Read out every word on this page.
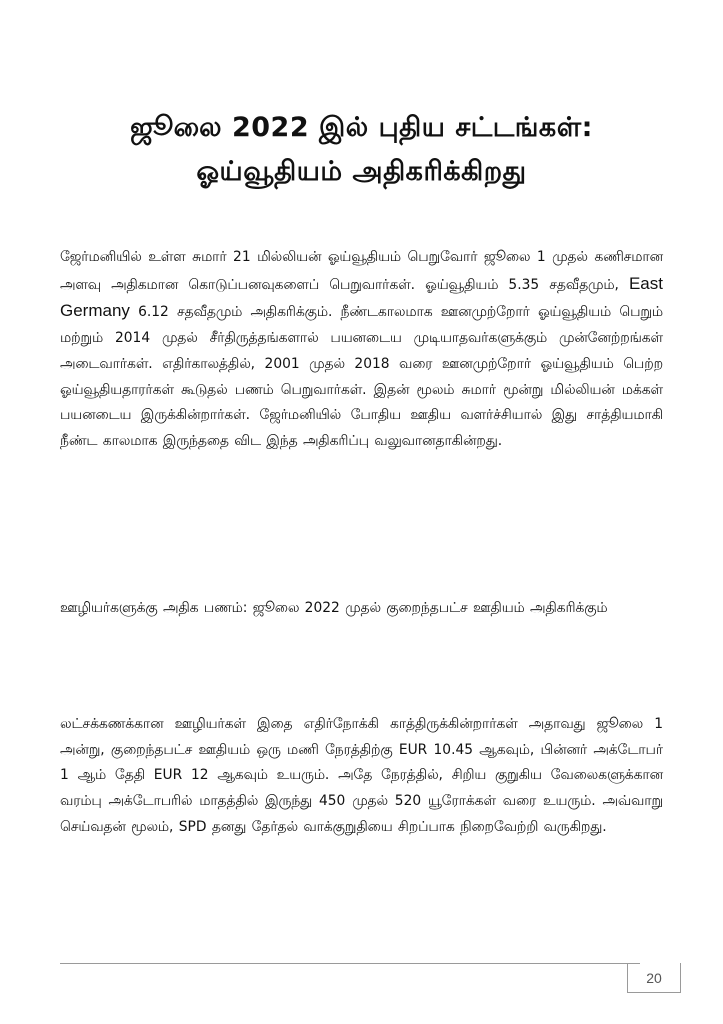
ஜூலை 2022 இல் புதிய சட்டங்கள்:
ஓய்வூதியம் அதிகரிக்கிறது
ஜேர்மனியில் உள்ள சுமார் 21 மில்லியன் ஓய்வூதியம் பெறுவோர் ஜூலை 1 முதல் கணிசமான அளவு அதிகமான கொடுப்பனவுகளைப் பெறுவார்கள். ஓய்வூதியம் 5.35 சதவீதமும், East Germany 6.12 சதவீதமும் அதிகரிக்கும். நீண்டகாலமாக ஊனமுற்றோர் ஓய்வூதியம் பெறும் மற்றும் 2014 முதல் சீர்திருத்தங்களால் பயனடைய முடியாதவர்களுக்கும் முன்னேற்றங்கள் அடைவார்கள். எதிர்காலத்தில், 2001 முதல் 2018 வரை ஊனமுற்றோர் ஓய்வூதியம் பெற்ற ஓய்வூதியதாரர்கள் கூடுதல் பணம் பெறுவார்கள். இதன் மூலம் சுமார் மூன்று மில்லியன் மக்கள் பயனடைய இருக்கின்றார்கள். ஜேர்மனியில் போதிய ஊதிய வளர்ச்சியால் இது சாத்தியமாகி நீண்ட காலமாக இருந்ததை விட இந்த அதிகரிப்பு வலுவானதாகின்றது.
ஊழியர்களுக்கு அதிக பணம்: ஜூலை 2022 முதல் குறைந்தபட்ச ஊதியம் அதிகரிக்கும்
லட்சக்கணக்கான ஊழியர்கள் இதை எதிர்நோக்கி காத்திருக்கின்றார்கள் அதாவது ஜூலை 1 அன்று, குறைந்தபட்ச ஊதியம் ஒரு மணி நேரத்திற்கு EUR 10.45 ஆகவும், பின்னர் அக்டோபர் 1 ஆம் தேதி EUR 12 ஆகவும் உயரும். அதே நேரத்தில், சிறிய குறுகிய வேலைகளுக்கான வரம்பு அக்டோபரில் மாதத்தில் இருந்து 450 முதல் 520 யூரோக்கள் வரை உயரும். அவ்வாறு செய்வதன் மூலம், SPD தனது தேர்தல் வாக்குறுதியை சிறப்பாக நிறைவேற்றி வருகிறது.
20
